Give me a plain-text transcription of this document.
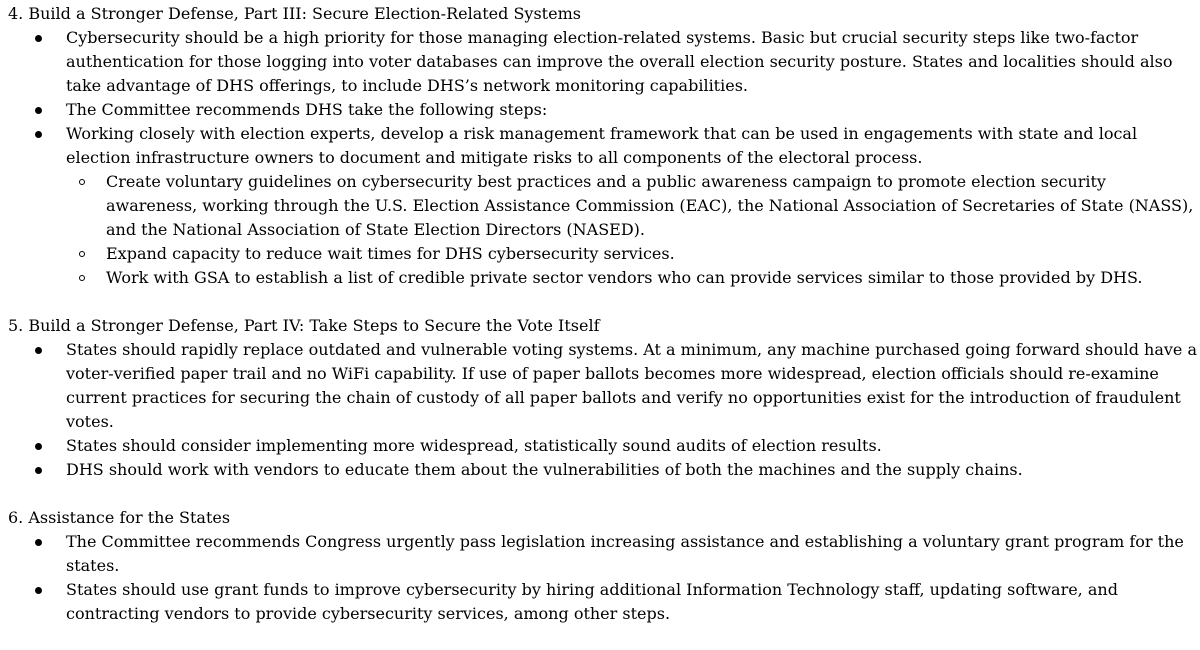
4. Build a Stronger Defense, Part III: Secure Election-Related Systems
Cybersecurity should be a high priority for those managing election-related systems. Basic but crucial security steps like two-factor authentication for those logging into voter databases can improve the overall election security posture. States and localities should also take advantage of DHS offerings, to include DHS’s network monitoring capabilities.
The Committee recommends DHS take the following steps:
Working closely with election experts, develop a risk management framework that can be used in engagements with state and local election infrastructure owners to document and mitigate risks to all components of the electoral process.
Create voluntary guidelines on cybersecurity best practices and a public awareness campaign to promote election security awareness, working through the U.S. Election Assistance Commission (EAC), the National Association of Secretaries of State (NASS), and the National Association of State Election Directors (NASED).
Expand capacity to reduce wait times for DHS cybersecurity services.
Work with GSA to establish a list of credible private sector vendors who can provide services similar to those provided by DHS.
5. Build a Stronger Defense, Part IV: Take Steps to Secure the Vote Itself
States should rapidly replace outdated and vulnerable voting systems. At a minimum, any machine purchased going forward should have a voter-verified paper trail and no WiFi capability. If use of paper ballots becomes more widespread, election officials should re-examine current practices for securing the chain of custody of all paper ballots and verify no opportunities exist for the introduction of fraudulent votes.
States should consider implementing more widespread, statistically sound audits of election results.
DHS should work with vendors to educate them about the vulnerabilities of both the machines and the supply chains.
6. Assistance for the States
The Committee recommends Congress urgently pass legislation increasing assistance and establishing a voluntary grant program for the states.
States should use grant funds to improve cybersecurity by hiring additional Information Technology staff, updating software, and contracting vendors to provide cybersecurity services, among other steps.
